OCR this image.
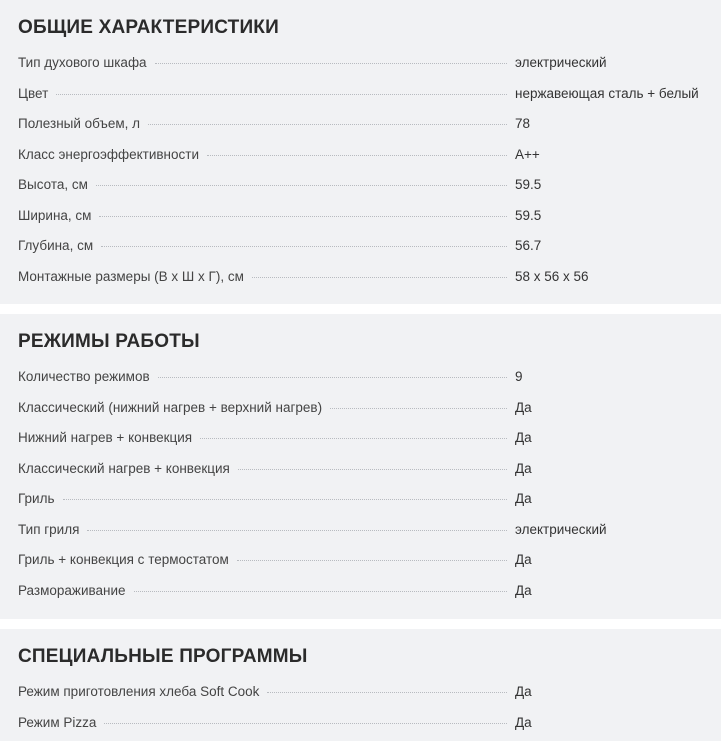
ОБЩИЕ ХАРАКТЕРИСТИКИ
Тип духового шкафа	электрический
Цвет	нержавеющая сталь + белый
Полезный объем, л	78
Класс энергоэффективности	A++
Высота, см	59.5
Ширина, см	59.5
Глубина, см	56.7
Монтажные размеры (В х Ш х Г), см	58 x 56 x 56
РЕЖИМЫ РАБОТЫ
Количество режимов	9
Классический (нижний нагрев + верхний нагрев)	Да
Нижний нагрев + конвекция	Да
Классический нагрев + конвекция	Да
Гриль	Да
Тип гриля	электрический
Гриль + конвекция с термостатом	Да
Размораживание	Да
СПЕЦИАЛЬНЫЕ ПРОГРАММЫ
Режим приготовления хлеба Soft Cook	Да
Режим Pizza	Да
